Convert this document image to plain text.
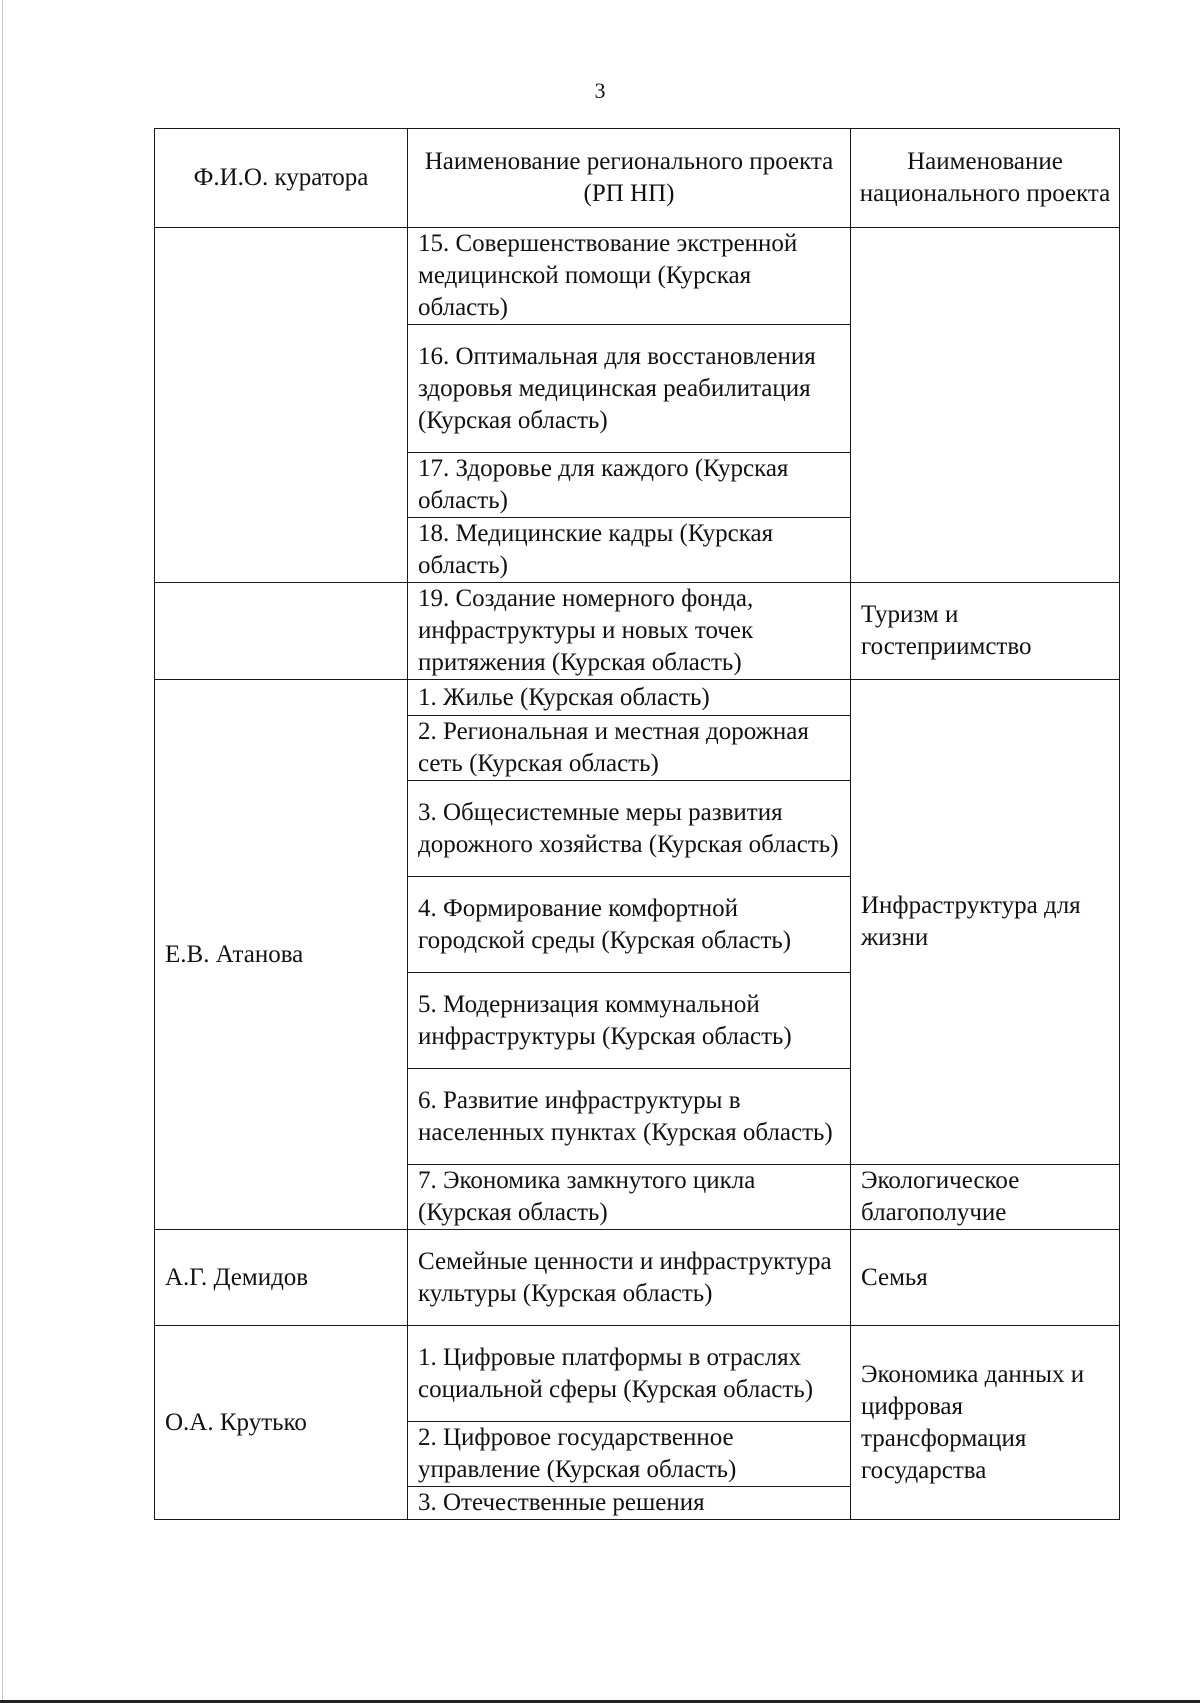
3
Ф.И.О. куратора	Наименование регионального проекта (РП НП)	Наименование национального проекта
	15. Совершенствование экстренной медицинской помощи (Курская область)	
	16. Оптимальная для восстановления здоровья медицинская реабилитация (Курская область)	
	17. Здоровье для каждого (Курская область)	
	18. Медицинские кадры (Курская область)	
	19. Создание номерного фонда, инфраструктуры и новых точек притяжения (Курская область)	Туризм и гостеприимство
Е.В. Атанова	1. Жилье (Курская область)	Инфраструктура для жизни
	2. Региональная и местная дорожная сеть (Курская область)	
	3. Общесистемные меры развития дорожного хозяйства (Курская область)	
	4. Формирование комфортной городской среды (Курская область)	
	5. Модернизация коммунальной инфраструктуры (Курская область)	
	6. Развитие инфраструктуры в населенных пунктах (Курская область)	
	7. Экономика замкнутого цикла (Курская область)	Экологическое благополучие
А.Г. Демидов	Семейные ценности и инфраструктура культуры (Курская область)	Семья
О.А. Крутько	1. Цифровые платформы в отраслях социальной сферы (Курская область)	Экономика данных и цифровая трансформация государства
	2. Цифровое государственное управление (Курская область)	
	3. Отечественные решения	
